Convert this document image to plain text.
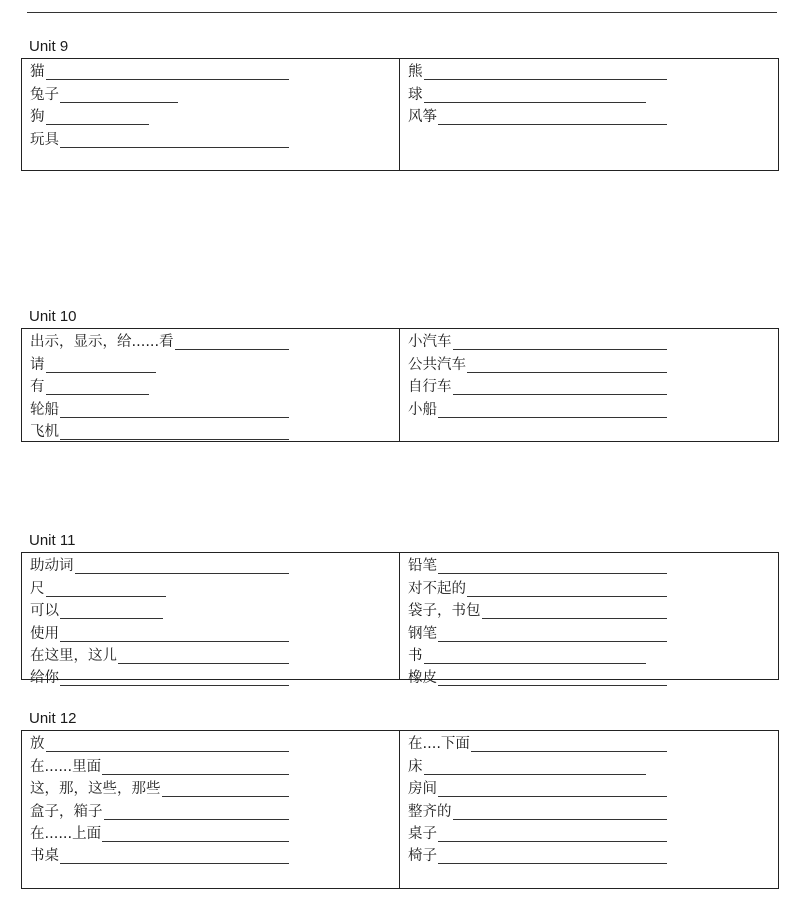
Unit 9
猫
兔子
狗
玩具
熊
球
风筝
Unit 10
出示，显示，给......看
请
有
轮船
飞机
小汽车
公共汽车
自行车
小船
Unit 11
助动词
尺
可以
使用
在这里，这儿
给你
铅笔
对不起的
袋子，书包
钢笔
书
橡皮
Unit 12
放
在......里面
这，那，这些，那些
盒子，箱子
在......上面
书桌
在....下面
床
房间
整齐的
桌子
椅子
